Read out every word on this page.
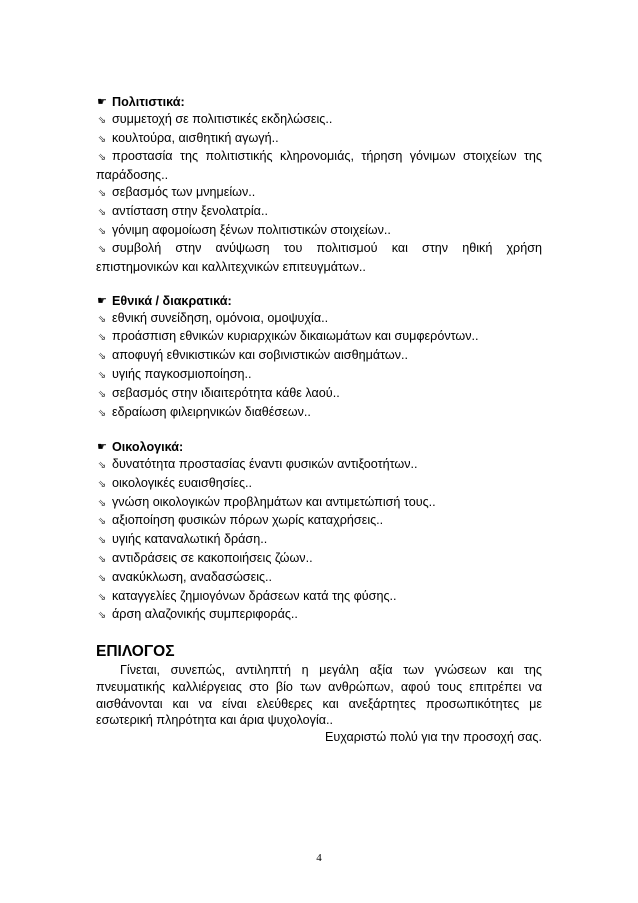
☛ Πολιτιστικά:
⇘ συμμετοχή σε πολιτιστικές εκδηλώσεις..
⇘ κουλτούρα, αισθητική αγωγή..
⇘ προστασία της πολιτιστικής κληρονομιάς, τήρηση γόνιμων στοιχείων της παράδοσης..
⇘ σεβασμός των μνημείων..
⇘ αντίσταση στην ξενολατρία..
⇘ γόνιμη αφομοίωση ξένων πολιτιστικών στοιχείων..
⇘ συμβολή στην ανύψωση του πολιτισμού και στην ηθική χρήση επιστημονικών και καλλιτεχνικών επιτευγμάτων..
☛ Εθνικά / διακρατικά:
⇘ εθνική συνείδηση, ομόνοια, ομοψυχία..
⇘ προάσπιση εθνικών κυριαρχικών δικαιωμάτων και συμφερόντων..
⇘ αποφυγή εθνικιστικών και σοβινιστικών αισθημάτων..
⇘ υγιής παγκοσμιοποίηση..
⇘ σεβασμός στην ιδιαιτερότητα κάθε λαού..
⇘ εδραίωση φιλειρηνικών διαθέσεων..
☛ Οικολογικά:
⇘ δυνατότητα προστασίας έναντι φυσικών αντιξοοτήτων..
⇘ οικολογικές ευαισθησίες..
⇘ γνώση οικολογικών προβλημάτων και αντιμετώπισή τους..
⇘ αξιοποίηση φυσικών πόρων χωρίς καταχρήσεις..
⇘ υγιής καταναλωτική δράση..
⇘ αντιδράσεις σε κακοποιήσεις ζώων..
⇘ ανακύκλωση, αναδασώσεις..
⇘ καταγγελίες ζημιογόνων δράσεων κατά της φύσης..
⇘ άρση αλαζονικής συμπεριφοράς..
ΕΠΙΛΟΓΟΣ
Γίνεται, συνεπώς, αντιληπτή η μεγάλη αξία των γνώσεων και της πνευματικής καλλιέργειας στο βίο των ανθρώπων, αφού τους επιτρέπει να αισθάνονται και να είναι ελεύθερες και ανεξάρτητες προσωπικότητες με εσωτερική πληρότητα και άρια ψυχολογία..
Ευχαριστώ πολύ για την προσοχή σας.
4
